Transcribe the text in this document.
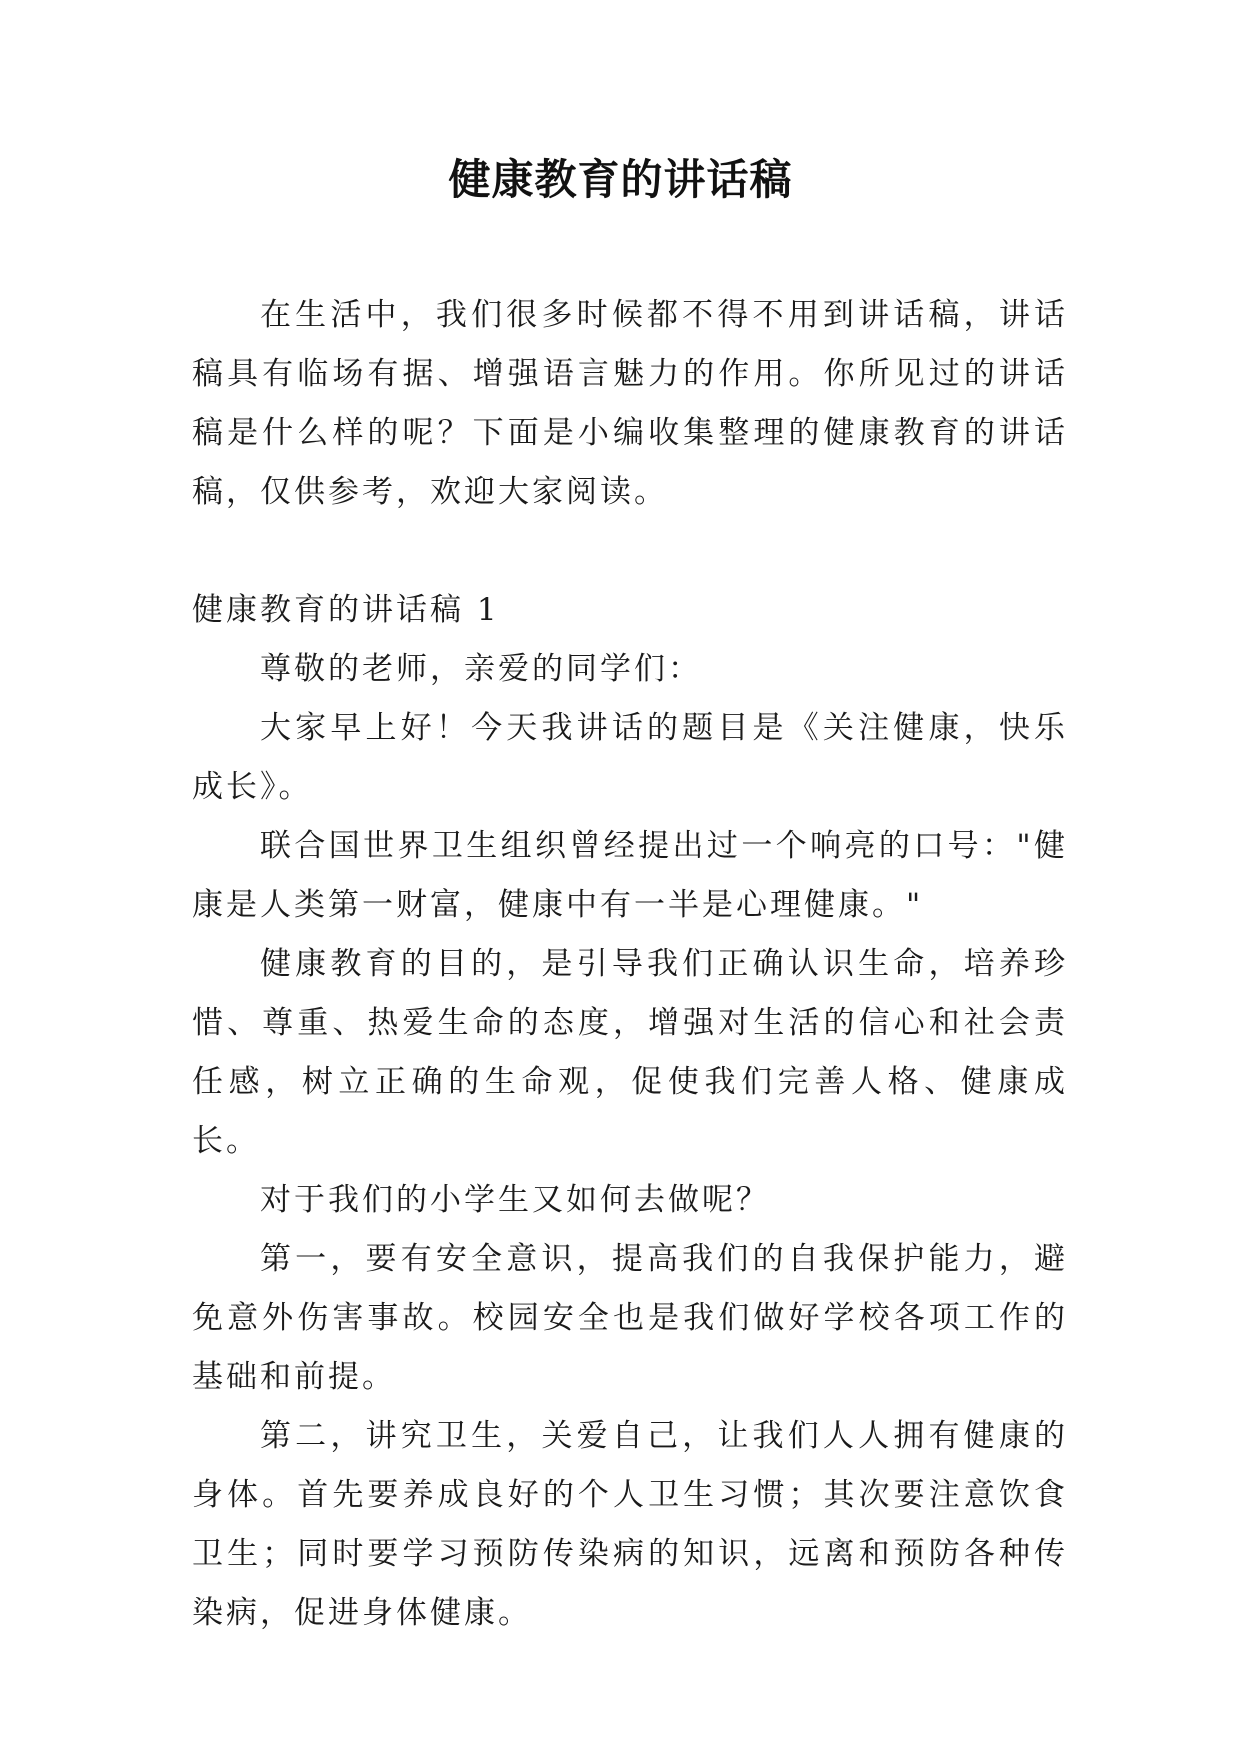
健康教育的讲话稿

在生活中，我们很多时候都不得不用到讲话稿，讲话稿具有临场有据、增强语言魅力的作用。你所见过的讲话稿是什么样的呢？下面是小编收集整理的健康教育的讲话稿，仅供参考，欢迎大家阅读。

健康教育的讲话稿 1

尊敬的老师，亲爱的同学们：

大家早上好！今天我讲话的题目是《关注健康，快乐成长》。

联合国世界卫生组织曾经提出过一个响亮的口号："健康是人类第一财富，健康中有一半是心理健康。"

健康教育的目的，是引导我们正确认识生命，培养珍惜、尊重、热爱生命的态度，增强对生活的信心和社会责任感，树立正确的生命观，促使我们完善人格、健康成长。

对于我们的小学生又如何去做呢？

第一，要有安全意识，提高我们的自我保护能力，避免意外伤害事故。校园安全也是我们做好学校各项工作的基础和前提。

第二，讲究卫生，关爱自己，让我们人人拥有健康的身体。首先要养成良好的个人卫生习惯；其次要注意饮食卫生；同时要学习预防传染病的知识，远离和预防各种传染病，促进身体健康。
